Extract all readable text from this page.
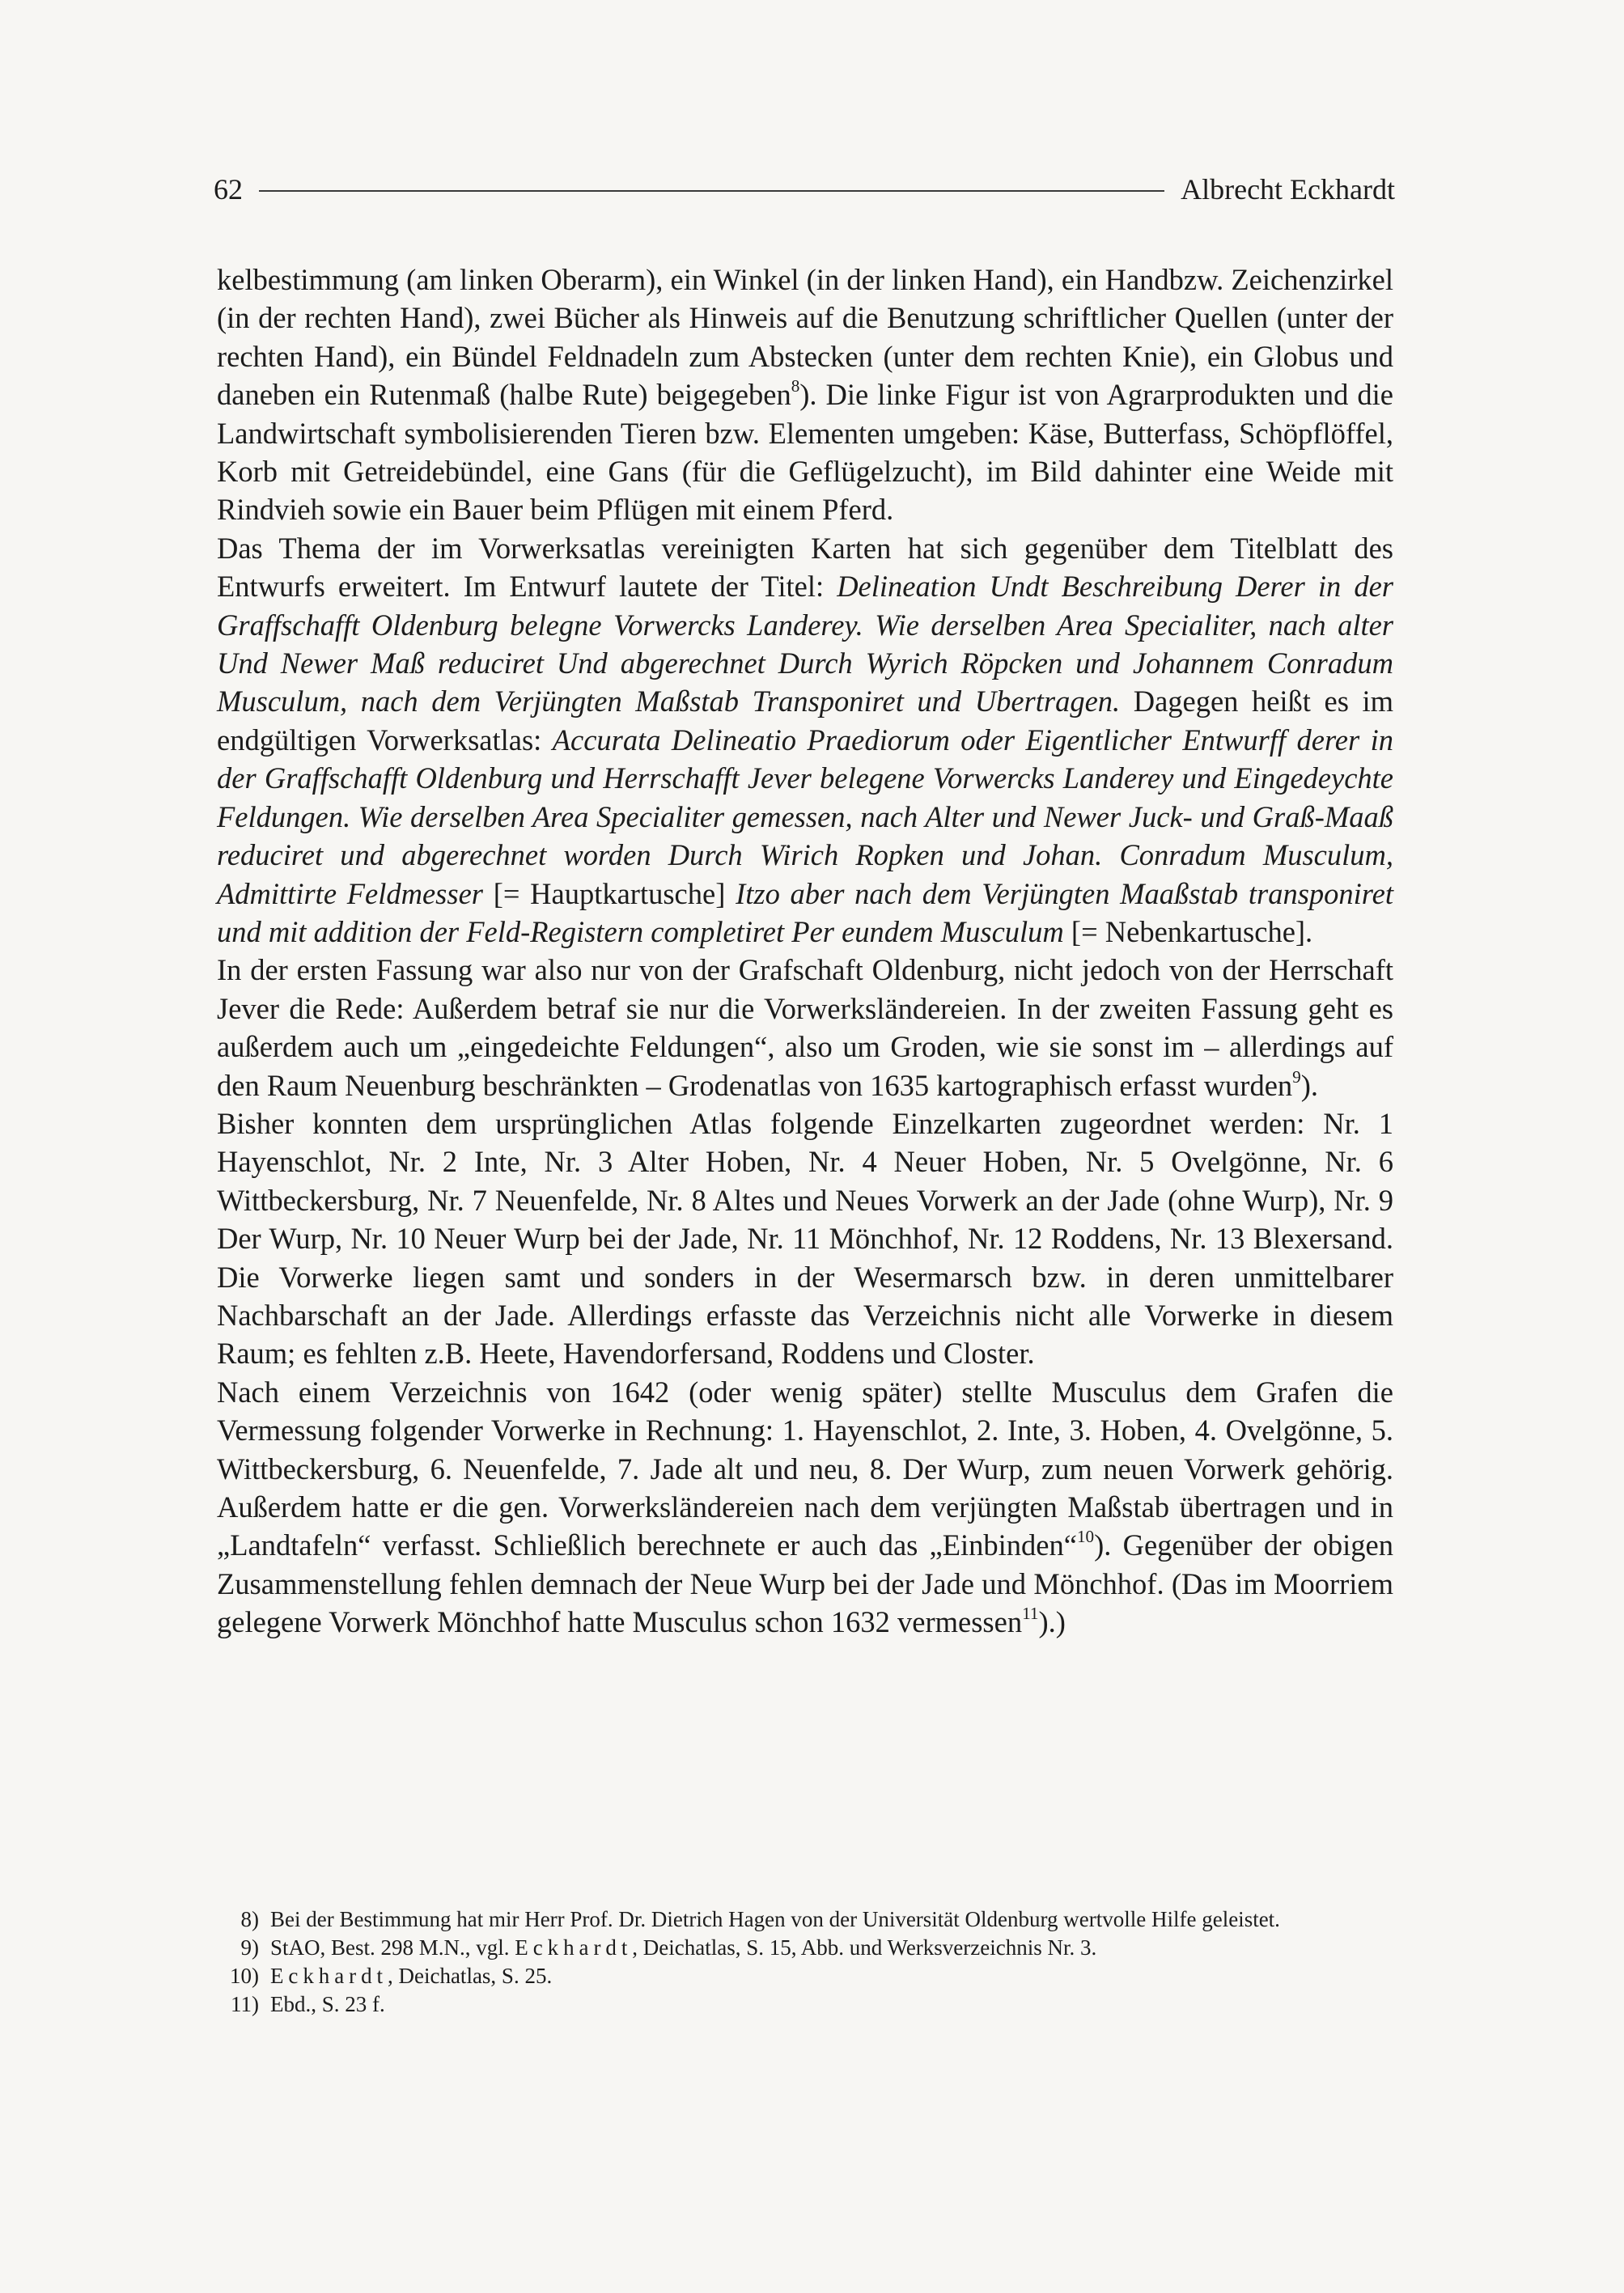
62	Albrecht Eckhardt

kelbestimmung (am linken Oberarm), ein Winkel (in der linken Hand), ein Handbzw. Zeichenzirkel (in der rechten Hand), zwei Bücher als Hinweis auf die Benutzung schriftlicher Quellen (unter der rechten Hand), ein Bündel Feldnadeln zum Abstecken (unter dem rechten Knie), ein Globus und daneben ein Rutenmaß (halbe Rute) beigegeben$^8$). Die linke Figur ist von Agrarprodukten und die Landwirtschaft symbolisierenden Tieren bzw. Elementen umgeben: Käse, Butterfass, Schöpflöffel, Korb mit Getreidebündel, eine Gans (für die Geflügelzucht), im Bild dahinter eine Weide mit Rindvieh sowie ein Bauer beim Pflügen mit einem Pferd.

Das Thema der im Vorwerksatlas vereinigten Karten hat sich gegenüber dem Titelblatt des Entwurfs erweitert. Im Entwurf lautete der Titel: Delineation Undt Beschreibung Derer in der Graffschafft Oldenburg belegne Vorwercks Landerey. Wie derselben Area Specialiter, nach alter Und Newer Maß reduciret Und abgerechnet Durch Wyrich Röpcken und Johannem Conradum Musculum, nach dem Verjüngten Maßstab Transponiret und Ubertragen. Dagegen heißt es im endgültigen Vorwerksatlas: Accurata Delineatio Praediorum oder Eigentlicher Entwurff derer in der Graffschafft Oldenburg und Herrschafft Jever belegene Vorwercks Landerey und Eingedeychte Feldungen. Wie derselben Area Specialiter gemessen, nach Alter und Newer Juck- und Graß-Maaß reduciret und abgerechnet worden Durch Wirich Ropken und Johan. Conradum Musculum, Admittirte Feldmesser [= Hauptkartusche] Itzo aber nach dem Verjüngten Maaßstab transponiret und mit addition der Feld-Registern completiret Per eundem Musculum [= Nebenkartusche].

In der ersten Fassung war also nur von der Grafschaft Oldenburg, nicht jedoch von der Herrschaft Jever die Rede: Außerdem betraf sie nur die Vorwerksländereien. In der zweiten Fassung geht es außerdem auch um „eingedeichte Feldungen“, also um Groden, wie sie sonst im – allerdings auf den Raum Neuenburg beschränkten – Grodenatlas von 1635 kartographisch erfasst wurden$^9$).

Bisher konnten dem ursprünglichen Atlas folgende Einzelkarten zugeordnet werden: Nr. 1 Hayenschlot, Nr. 2 Inte, Nr. 3 Alter Hoben, Nr. 4 Neuer Hoben, Nr. 5 Ovelgönne, Nr. 6 Wittbeckersburg, Nr. 7 Neuenfelde, Nr. 8 Altes und Neues Vorwerk an der Jade (ohne Wurp), Nr. 9 Der Wurp, Nr. 10 Neuer Wurp bei der Jade, Nr. 11 Mönchhof, Nr. 12 Roddens, Nr. 13 Blexersand. Die Vorwerke liegen samt und sonders in der Wesermarsch bzw. in deren unmittelbarer Nachbarschaft an der Jade. Allerdings erfasste das Verzeichnis nicht alle Vorwerke in diesem Raum; es fehlten z.B. Heete, Havendorfersand, Roddens und Closter.

Nach einem Verzeichnis von 1642 (oder wenig später) stellte Musculus dem Grafen die Vermessung folgender Vorwerke in Rechnung: 1. Hayenschlot, 2. Inte, 3. Hoben, 4. Ovelgönne, 5. Wittbeckersburg, 6. Neuenfelde, 7. Jade alt und neu, 8. Der Wurp, zum neuen Vorwerk gehörig. Außerdem hatte er die gen. Vorwerksländereien nach dem verjüngten Maßstab übertragen und in „Landtafeln“ verfasst. Schließlich berechnete er auch das „Einbinden“$^{10}$). Gegenüber der obigen Zusammenstellung fehlen demnach der Neue Wurp bei der Jade und Mönchhof. (Das im Moorriem gelegene Vorwerk Mönchhof hatte Musculus schon 1632 vermessen$^{11}$).)

8) Bei der Bestimmung hat mir Herr Prof. Dr. Dietrich Hagen von der Universität Oldenburg wertvolle Hilfe geleistet.
9) StAO, Best. 298 M.N., vgl. Eckhardt, Deichatlas, S. 15, Abb. und Werksverzeichnis Nr. 3.
10) Eckhardt, Deichatlas, S. 25.
11) Ebd., S. 23 f.
